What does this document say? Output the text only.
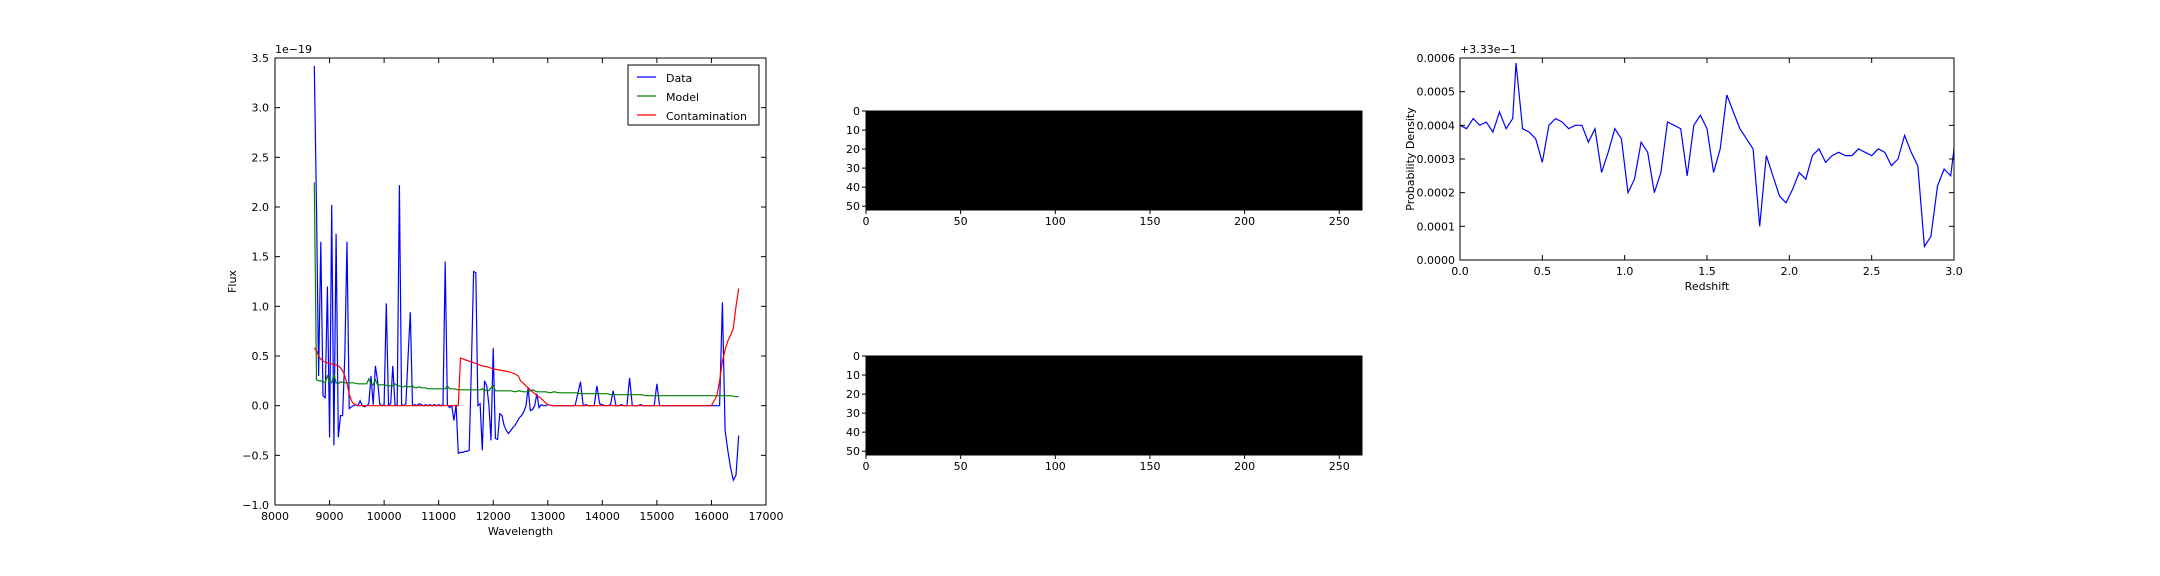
8000 9000 10000 11000 12000 13000 14000 15000 16000 17000
−1.0
−0.5
0.0
0.5
1.0
1.5
2.0
2.5
3.0
3.5
Wavelength
Flux
1e−19
Data
Model
Contamination
0	50	100	150	200	250
0
10
20
30
40
50
0	50	100	150	200	250
0
10
20
30
40
50
0.0	0.5	1.0	1.5	2.0	2.5	3.0
0.0000
0.0001
0.0002
0.0003
0.0004
0.0005
0.0006
Redshift
Probability Density
+3.33e−1
